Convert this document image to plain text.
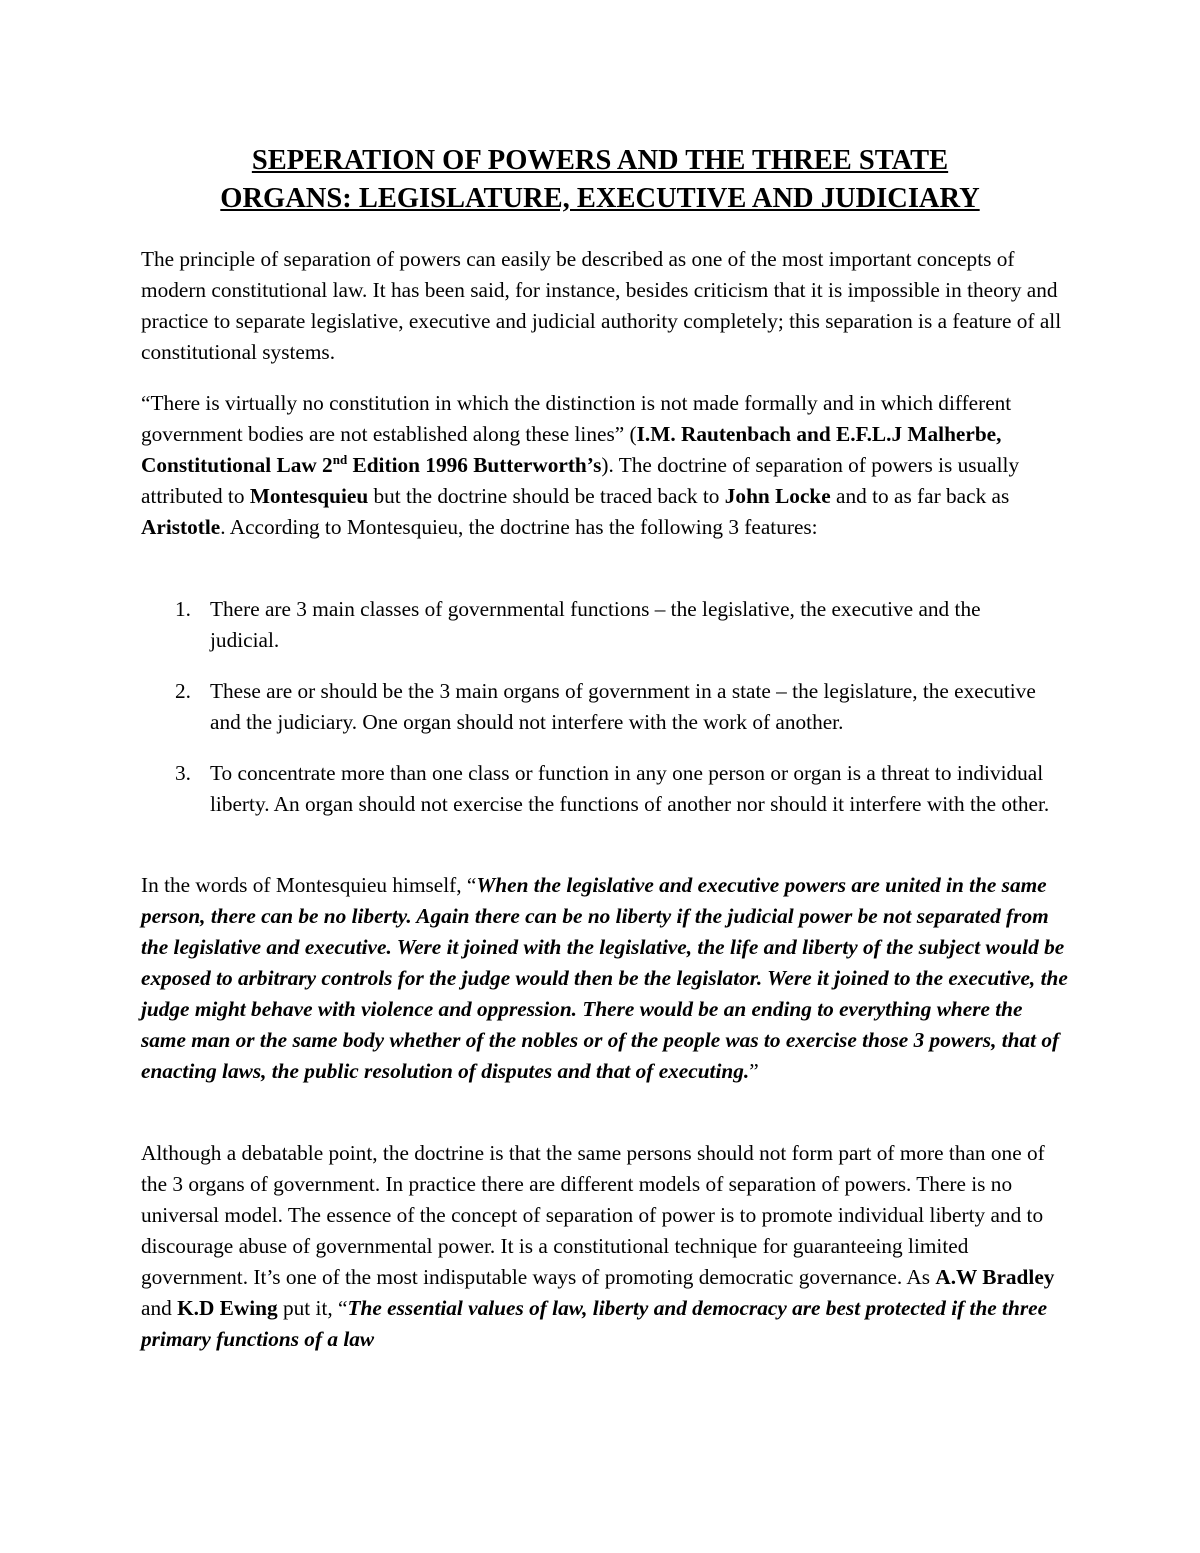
SEPERATION OF POWERS AND THE THREE STATE
ORGANS: LEGISLATURE, EXECUTIVE AND JUDICIARY

The principle of separation of powers can easily be described as one of the most important concepts of modern constitutional law. It has been said, for instance, besides criticism that it is impossible in theory and practice to separate legislative, executive and judicial authority completely; this separation is a feature of all constitutional systems.

“There is virtually no constitution in which the distinction is not made formally and in which different government bodies are not established along these lines” (I.M. Rautenbach and E.F.L.J Malherbe, Constitutional Law 2nd Edition 1996 Butterworth’s). The doctrine of separation of powers is usually attributed to Montesquieu but the doctrine should be traced back to John Locke and to as far back as Aristotle. According to Montesquieu, the doctrine has the following 3 features:

1. There are 3 main classes of governmental functions – the legislative, the executive and the judicial.
2. These are or should be the 3 main organs of government in a state – the legislature, the executive and the judiciary. One organ should not interfere with the work of another.
3. To concentrate more than one class or function in any one person or organ is a threat to individual liberty. An organ should not exercise the functions of another nor should it interfere with the other.

In the words of Montesquieu himself, “When the legislative and executive powers are united in the same person, there can be no liberty. Again there can be no liberty if the judicial power be not separated from the legislative and executive. Were it joined with the legislative, the life and liberty of the subject would be exposed to arbitrary controls for the judge would then be the legislator. Were it joined to the executive, the judge might behave with violence and oppression. There would be an ending to everything where the same man or the same body whether of the nobles or of the people was to exercise those 3 powers, that of enacting laws, the public resolution of disputes and that of executing.”

Although a debatable point, the doctrine is that the same persons should not form part of more than one of the 3 organs of government. In practice there are different models of separation of powers. There is no universal model. The essence of the concept of separation of power is to promote individual liberty and to discourage abuse of governmental power. It is a constitutional technique for guaranteeing limited government. It’s one of the most indisputable ways of promoting democratic governance. As A.W Bradley and K.D Ewing put it, “The essential values of law, liberty and democracy are best protected if the three primary functions of a law
